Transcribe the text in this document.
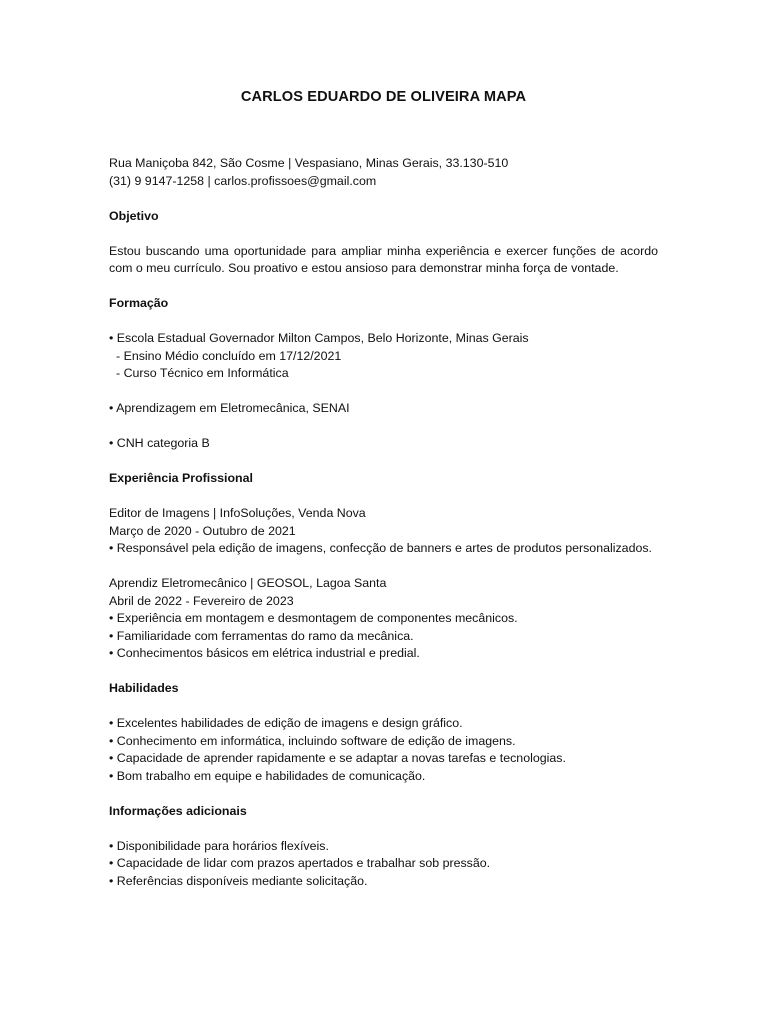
CARLOS EDUARDO DE OLIVEIRA MAPA

Rua Maniçoba 842, São Cosme | Vespasiano, Minas Gerais, 33.130-510

(31) 9 9147-1258 | carlos.profissoes@gmail.com

Objetivo

Estou buscando uma oportunidade para ampliar minha experiência e exercer funções de acordo com o meu currículo. Sou proativo e estou ansioso para demonstrar minha força de vontade.

Formação

• Escola Estadual Governador Milton Campos, Belo Horizonte, Minas Gerais

- Ensino Médio concluído em 17/12/2021

- Curso Técnico em Informática

• Aprendizagem em Eletromecânica, SENAI

• CNH categoria B

Experiência Profissional

Editor de Imagens | InfoSoluções, Venda Nova

Março de 2020 - Outubro de 2021

• Responsável pela edição de imagens, confecção de banners e artes de produtos personalizados.

Aprendiz Eletromecânico | GEOSOL, Lagoa Santa

Abril de 2022 - Fevereiro de 2023

• Experiência em montagem e desmontagem de componentes mecânicos.

• Familiaridade com ferramentas do ramo da mecânica.

• Conhecimentos básicos em elétrica industrial e predial.

Habilidades

• Excelentes habilidades de edição de imagens e design gráfico.

• Conhecimento em informática, incluindo software de edição de imagens.

• Capacidade de aprender rapidamente e se adaptar a novas tarefas e tecnologias.

• Bom trabalho em equipe e habilidades de comunicação.

Informações adicionais

• Disponibilidade para horários flexíveis.

• Capacidade de lidar com prazos apertados e trabalhar sob pressão.

• Referências disponíveis mediante solicitação.
